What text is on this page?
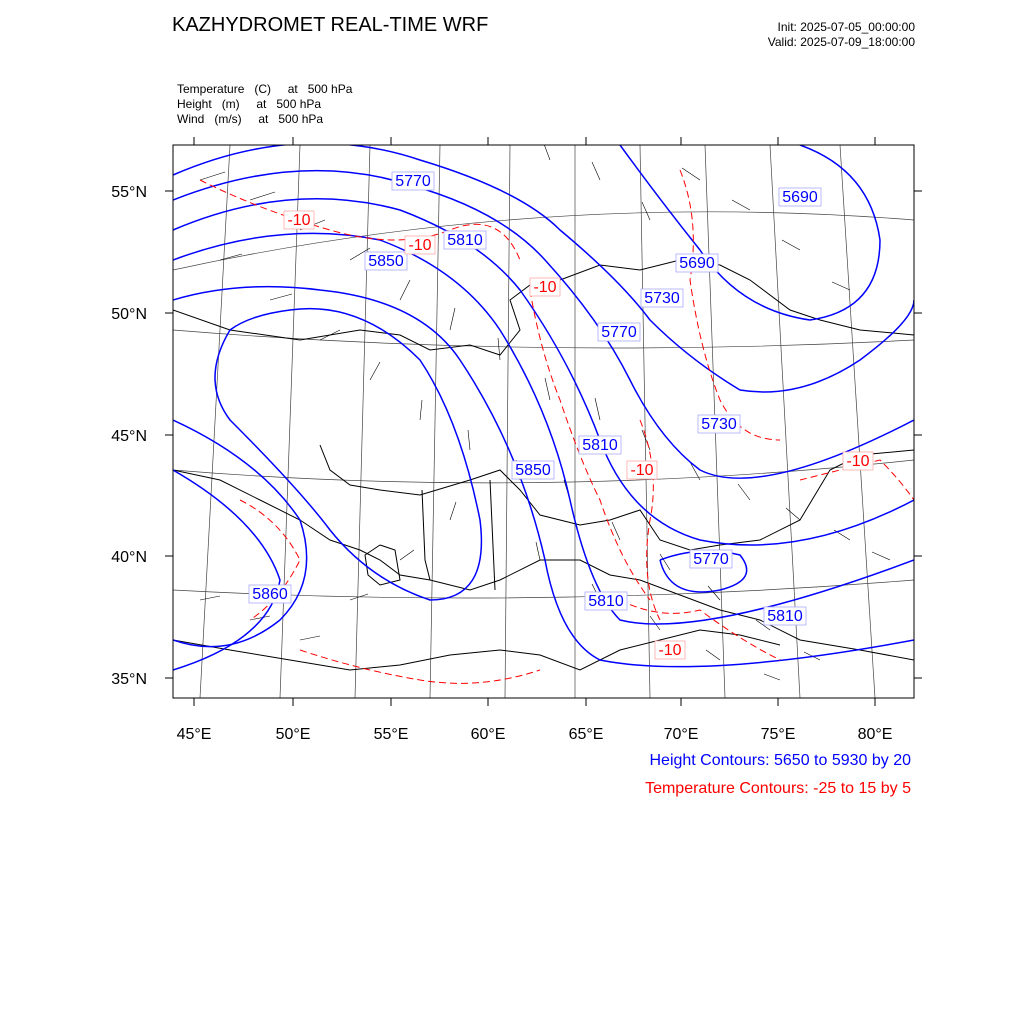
KAZHYDROMET REAL-TIME WRF	Init: 2025-07-05_00:00:00
Valid: 2025-07-09_18:00:00
Temperature   (C)     at   500 hPa
Height   (m)     at   500 hPa
Wind   (m/s)     at   500 hPa
5770
5690
5810
5850	5690
5730
5770
5730
5810
5850
5770
5860	5810
5810
-10
-10
-10
-10
-10
-10
55°N
50°N
45°N
40°N
35°N
45°E	50°E	55°E	60°E	65°E	70°E	75°E	80°E
Height Contours: 5650 to 5930 by 20
Temperature Contours: -25 to 15 by 5
